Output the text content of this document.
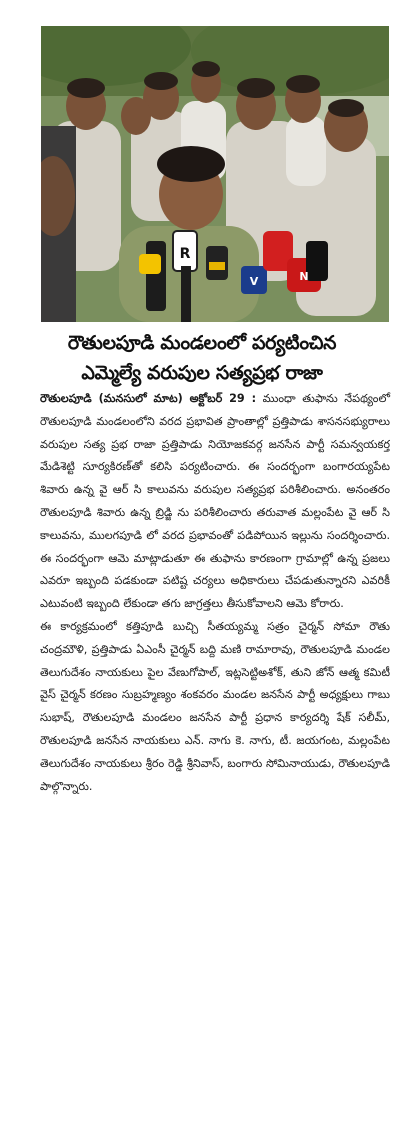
R
V	N
రౌతులపూడి మండలంలో పర్యటించిన
ఎమ్మెల్యే వరుపుల సత్యప్రభ రాజా

రౌతులపూడి (మనసులో మాట) అక్టోబర్ 29 : ముంధా తుఫాను నేపథ్యంలో రౌతులపూడి మండలంలోని వరద ప్రభావిత ప్రాంతాల్లో ప్రత్తిపాడు శాసనసభ్యురాలు వరుపుల సత్య ప్రభ రాజా ప్రత్తిపాడు నియోజకవర్గ జనసేన పార్టీ సమన్వయకర్త మేడిశెట్టి సూర్యకిరణ్‌తో కలిసి పర్యటించారు. ఈ సందర్భంగా బంగారయ్యపేట శివారు ఉన్న వై ఆర్ సి కాలువను వరుపుల సత్యప్రభ పరిశీలించారు. అనంతరం రౌతులపూడి శివారు ఉన్న బ్రిడ్జి ను పరిశీలించారు తరువాత మల్లంపేట వై ఆర్ సి కాలువను, ములగపూడి లో వరద ప్రభావంతో పడిపోయిన ఇల్లును సందర్శించారు. ఈ సందర్భంగా ఆమె మాట్లాడుతూ ఈ తుఫాను కారణంగా గ్రామాల్లో ఉన్న ప్రజలు ఎవరూ ఇబ్బంది పడకుండా పటిష్ట చర్యలు అధికారులు చేపడుతున్నారని ఎవరికీ ఎటువంటి ఇబ్బంది లేకుండా తగు జాగ్రత్తలు తీసుకోవాలని ఆమె కోరారు.

ఈ కార్యక్రమంలో కత్తిపూడి బుచ్చి సీతయ్యమ్మ సత్రం చైర్మన్ సోమా రౌతు చంద్రమౌళి, ప్రత్తిపాడు ఏఎంసీ చైర్మన్ బద్ది మణి రామారావు, రౌతులపూడి మండల తెలుగుదేశం నాయకులు పైల వేణుగోపాల్, ఇట్లసెట్టిఅశోక్, తుని జోన్ ఆత్మ కమిటీ వైస్ చైర్మన్ కరణం సుబ్రహ్మణ్యం శంకవరం మండల జనసేన పార్టీ అధ్యక్షులు గాబు సుభాష్, రౌతులపూడి మండలం జనసేన పార్టీ ప్రధాన కార్యదర్శి షేక్ సలీమ్, రౌతులపూడి జనసేన నాయకులు ఎన్. నాగు కె. నాగు, టీ. జయగంట, మల్లంపేట తెలుగుదేశం నాయకులు శ్రీరం రెడ్డి శ్రీనివాస్, బంగారు సోమినాయుడు, రౌతులపూడి పాల్గొన్నారు.
